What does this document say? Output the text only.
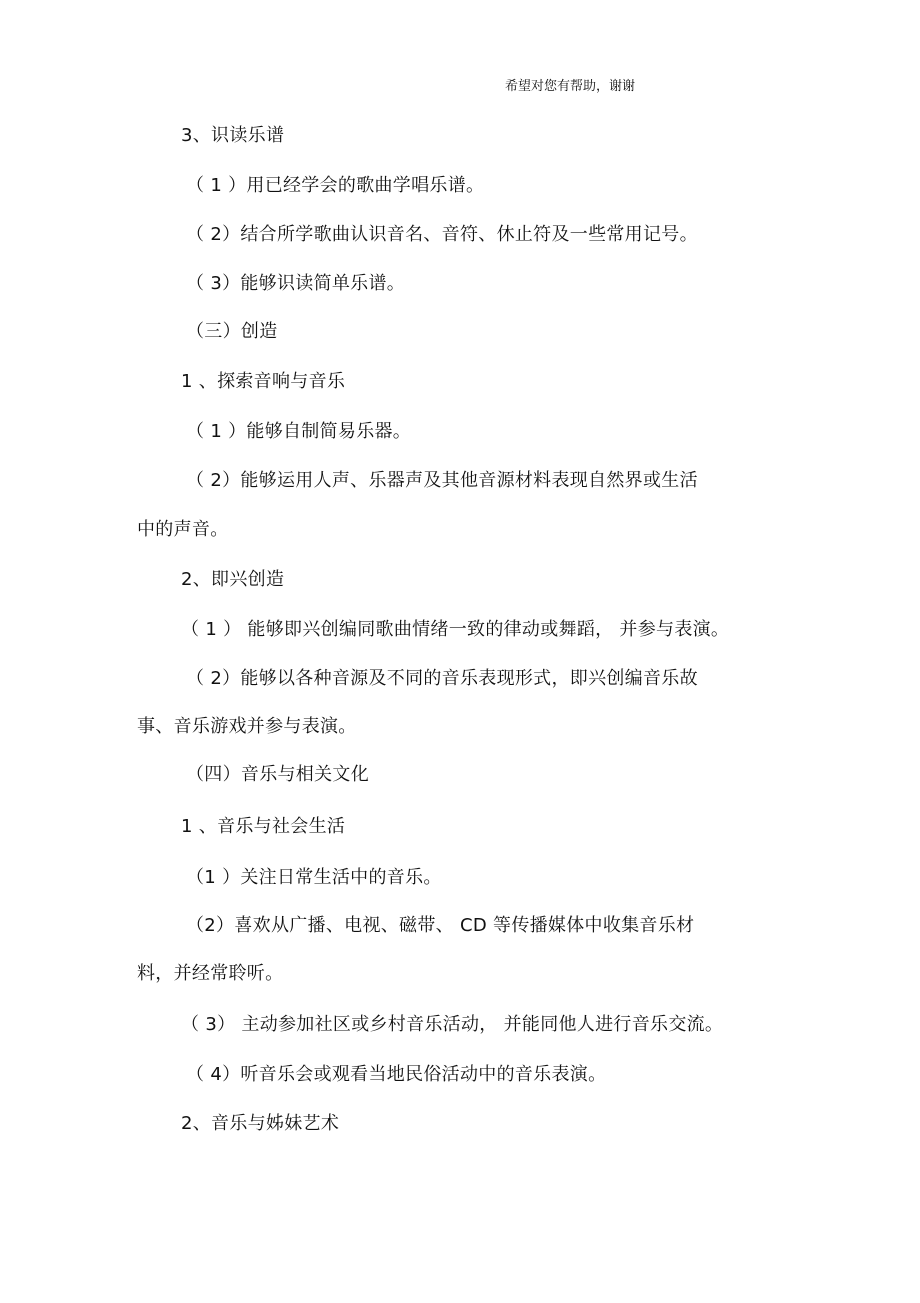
希望对您有帮助，谢谢
3、识读乐谱
（ 1 ）用已经学会的歌曲学唱乐谱。
（ 2）结合所学歌曲认识音名、音符、休止符及一些常用记号。
（ 3）能够识读简单乐谱。
（三）创造
1 、探索音响与音乐
（ 1 ）能够自制简易乐器。
（ 2）能够运用人声、乐器声及其他音源材料表现自然界或生活
中的声音。
2、即兴创造
（ 1 ） 能够即兴创编同歌曲情绪一致的律动或舞蹈， 并参与表演。
（ 2）能够以各种音源及不同的音乐表现形式，即兴创编音乐故
事、音乐游戏并参与表演。
（四）音乐与相关文化
1 、音乐与社会生活
（1 ）关注日常生活中的音乐。
（2）喜欢从广播、电视、磁带、 CD 等传播媒体中收集音乐材
料，并经常聆听。
（ 3） 主动参加社区或乡村音乐活动， 并能同他人进行音乐交流。
（ 4）听音乐会或观看当地民俗活动中的音乐表演。
2、音乐与姊妹艺术
